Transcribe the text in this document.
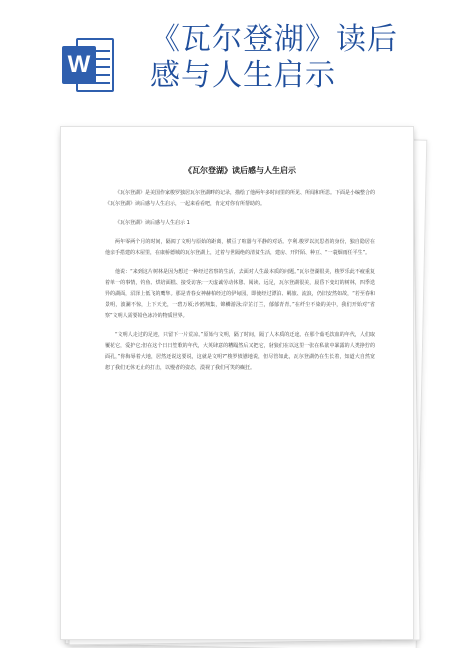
W
《瓦尔登湖》读后
感与人生启示
《瓦尔登湖》读后感与人生启示

《瓦尔登湖》是美国作家梭罗独居瓦尔登湖畔的记录，描绘了他两年多时间里的所见、所闻和所思。下面是小编整合的《瓦尔登湖》读后感与人生启示，一起来看看吧，肯定对你有所帮助的。

《瓦尔登湖》读后感与人生启示 1

两年零两个月的时间，隔阂了文明与原始的距离，横亘了喧嚣与平静的对话。亨利.梭罗以沉思者的身份，独自隐居在他亲手搭建的木屋里，在康桥德城的瓦尔登湖上，过着与世隔绝的清贫生活，建房、开阡陌、种豆、“一蓑烟雨任平生”。

他说：“来到这片树林是因为想过一种经过省察的生活，去面对人生最本质的问题。”瓦尔登湖很美，梭罗乐此不疲重复着单一的事情，钓鱼、烘培面糕、接受访客;一天虚诚劳动休憩、阅读、远足，瓦尔登湖很美，晨昏下变幻的树林，四季迭异的湖面，沼泽上低飞的鹰隼。那是青春女神赫柏经过的伊甸园，即使经过漂泊、羁旅、流浪，仍旧安然如故，“若至春和景明，波澜不惊，上下天光，一碧万顷;沙鸥翔集，锦鳞游泳;岸芷汀兰，郁郁青青。”在纤尘不染的美中，我们开始对“省察”文明人需要铅色冰冷的物质世界。

“文明人走过的足迹，只留下一片荒凉。”原始与文明，隔了时间，隔了人本质的迁途。在那个茹毛饮血的年代，人们取覆花它，爱护它;但在这个日日笙歌的年代，大英肆意的糟蹋然后又把它，豺狼们在以这里一张在私欲中暴露的人类挣狞的面孔，”你侮辱着大地，居然还说这要说，这就是文明?”梭罗愤懑地说，但尽管如此，瓦尔登湖仍在生长着，知道大自然宽恕了我们无休无止的打击，以慢者的姿态，漠视了我们可笑的癫狂。
